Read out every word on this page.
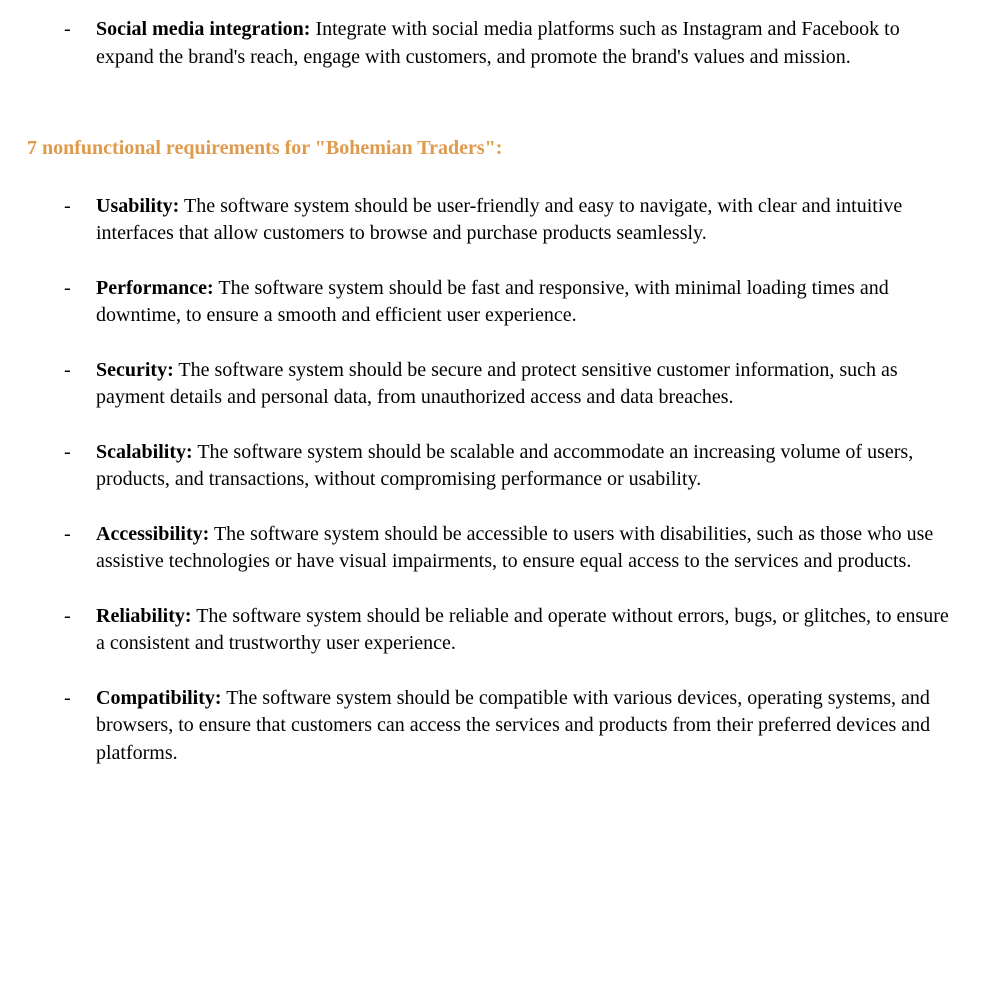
- Social media integration: Integrate with social media platforms such as Instagram and Facebook to expand the brand's reach, engage with customers, and promote the brand's values and mission.
7 nonfunctional requirements for "Bohemian Traders":
- Usability: The software system should be user-friendly and easy to navigate, with clear and intuitive interfaces that allow customers to browse and purchase products seamlessly.
- Performance: The software system should be fast and responsive, with minimal loading times and downtime, to ensure a smooth and efficient user experience.
- Security: The software system should be secure and protect sensitive customer information, such as payment details and personal data, from unauthorized access and data breaches.
- Scalability: The software system should be scalable and accommodate an increasing volume of users, products, and transactions, without compromising performance or usability.
- Accessibility: The software system should be accessible to users with disabilities, such as those who use assistive technologies or have visual impairments, to ensure equal access to the services and products.
- Reliability: The software system should be reliable and operate without errors, bugs, or glitches, to ensure a consistent and trustworthy user experience.
- Compatibility: The software system should be compatible with various devices, operating systems, and browsers, to ensure that customers can access the services and products from their preferred devices and platforms.
